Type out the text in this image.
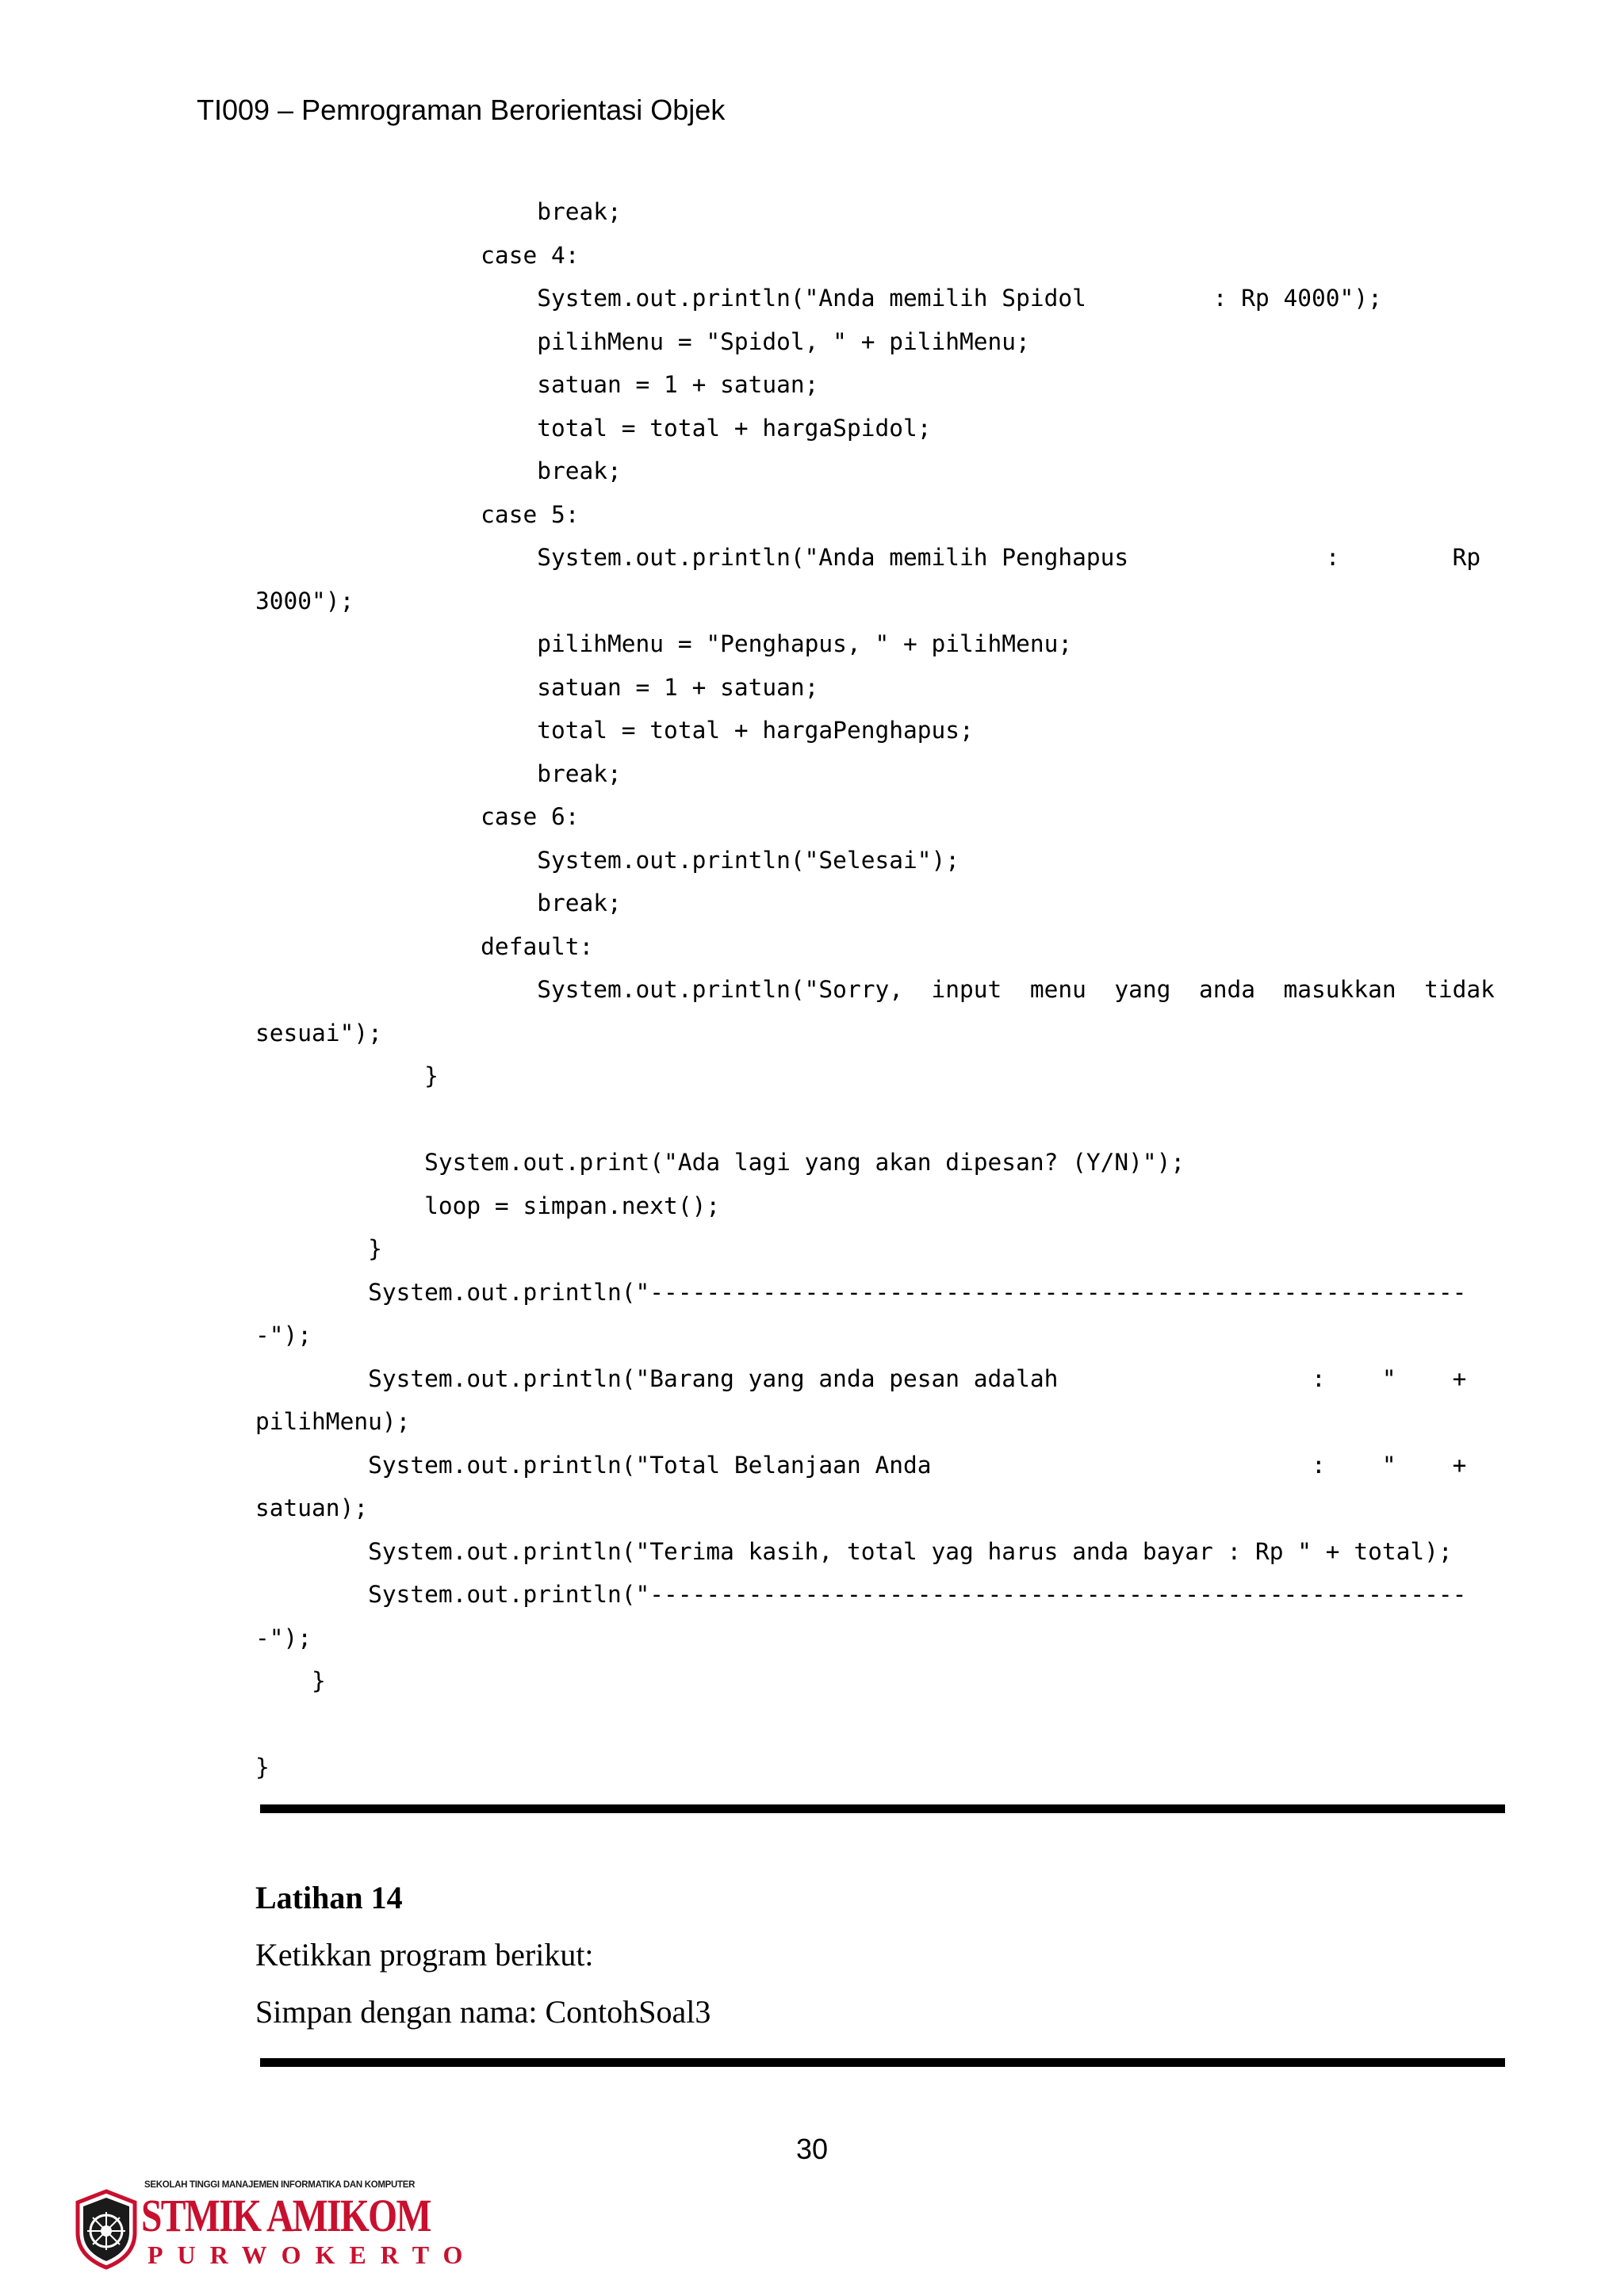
TI009 – Pemrograman Berorientasi Objek
break;
case 4:
System.out.println("Anda memilih Spidol         : Rp 4000");
pilihMenu = "Spidol, " + pilihMenu;
satuan = 1 + satuan;
total = total + hargaSpidol;
break;
case 5:
System.out.println("Anda memilih Penghapus              :        Rp
3000");
pilihMenu = "Penghapus, " + pilihMenu;
satuan = 1 + satuan;
total = total + hargaPenghapus;
break;
case 6:
System.out.println("Selesai");
break;
default:
System.out.println("Sorry,  input  menu  yang  anda  masukkan  tidak
sesuai");
}
System.out.print("Ada lagi yang akan dipesan? (Y/N)");
loop = simpan.next();
}
System.out.println("----------------------------------------------------------
-");
System.out.println("Barang yang anda pesan adalah                  :    "    +
pilihMenu);
System.out.println("Total Belanjaan Anda                           :    "    +
satuan);
System.out.println("Terima kasih, total yag harus anda bayar : Rp " + total);
System.out.println("----------------------------------------------------------
-");
}
}
Latihan 14
Ketikkan program berikut:
Simpan dengan nama: ContohSoal3
30
SEKOLAH TINGGI MANAJEMEN INFORMATIKA DAN KOMPUTER
STMIK AMIKOM
PURWOKERTO
